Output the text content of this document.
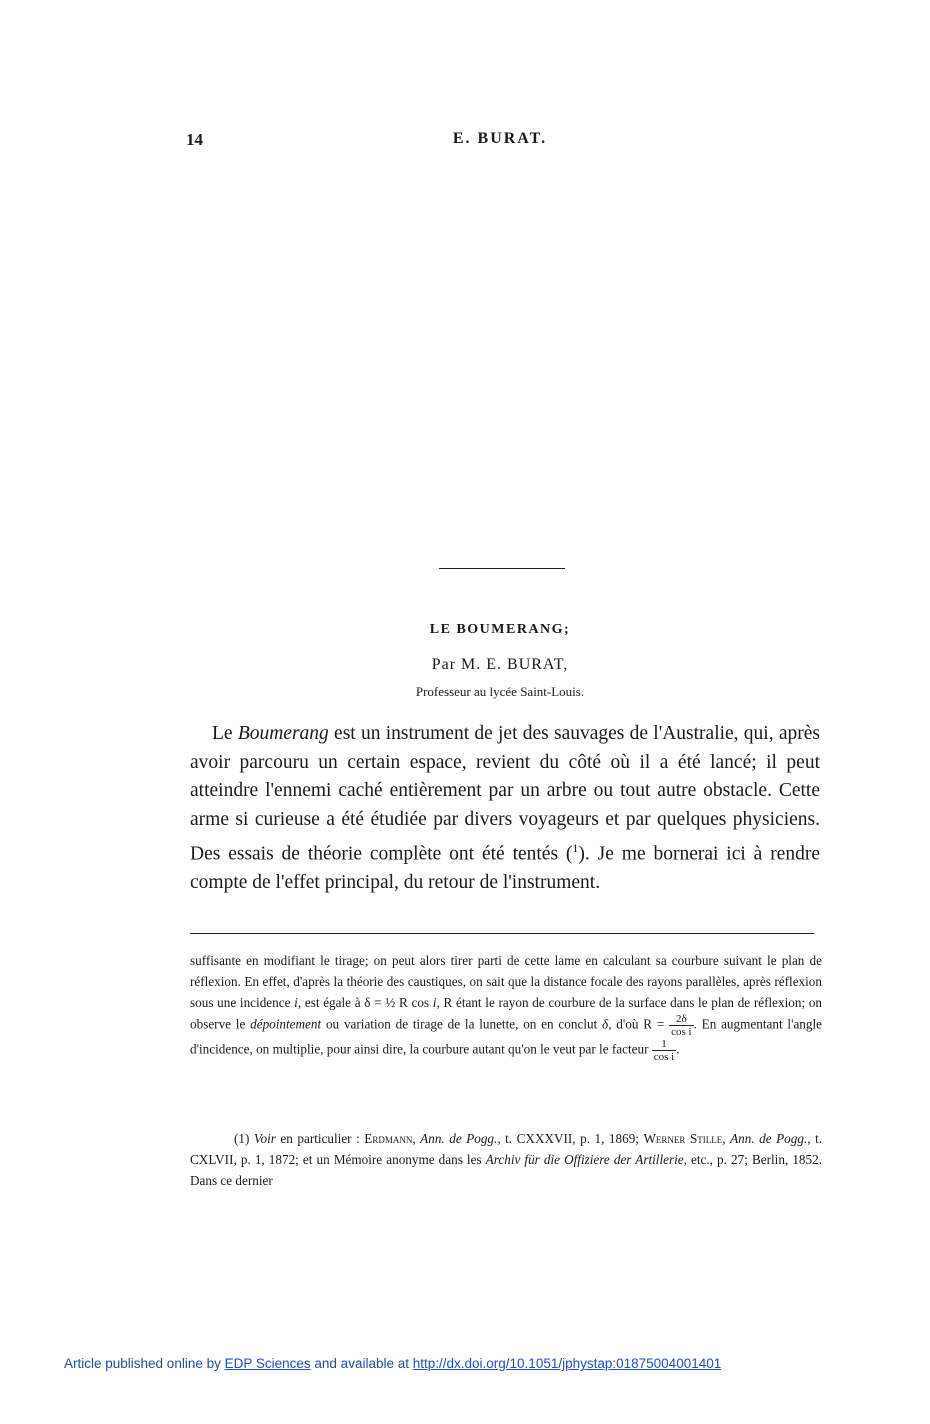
14	E. BURAT.
LE BOUMERANG;
Par M. E. BURAT,
Professeur au lycée Saint-Louis.

Le Boumerang est un instrument de jet des sauvages de l'Australie, qui, après avoir parcouru un certain espace, revient du côté où il a été lancé; il peut atteindre l'ennemi caché entièrement par un arbre ou tout autre obstacle. Cette arme si curieuse a été étudiée par divers voyageurs et par quelques physiciens. Des essais de théorie complète ont été tentés ($^1$). Je me bornerai ici à rendre compte de l'effet principal, du retour de l'instrument.

suffisante en modifiant le tirage; on peut alors tirer parti de cette lame en calculant sa courbure suivant le plan de réflexion. En effet, d'après la théorie des caustiques, on sait que la distance focale des rayons parallèles, après réflexion sous une incidence i, est égale à δ = ½ R cos i, R étant le rayon de courbure de la surface dans le plan de réflexion; on observe le dépointement ou variation de tirage de la lunette, on en conclut δ, d'où $R = \frac{2\delta}{\text{cos i}}$ . En augmentant l'angle d'incidence, on multiplie, pour ainsi dire, la courbure autant qu'on le veut par le facteur $\frac{1}{\text{cos i}}$ .

(1) Voir en particulier : Erdmann, Ann. de Pogg., t. CXXXVII, p. 1, 1869; Werner Stille, Ann. de Pogg., t. CXLVII, p. 1, 1872; et un Mémoire anonyme dans les Archiv für die Offiziere der Artillerie, etc., p. 27; Berlin, 1852. Dans ce dernier

Article published online by EDP Sciences and available at http://dx.doi.org/10.1051/jphystap:01875004001401
